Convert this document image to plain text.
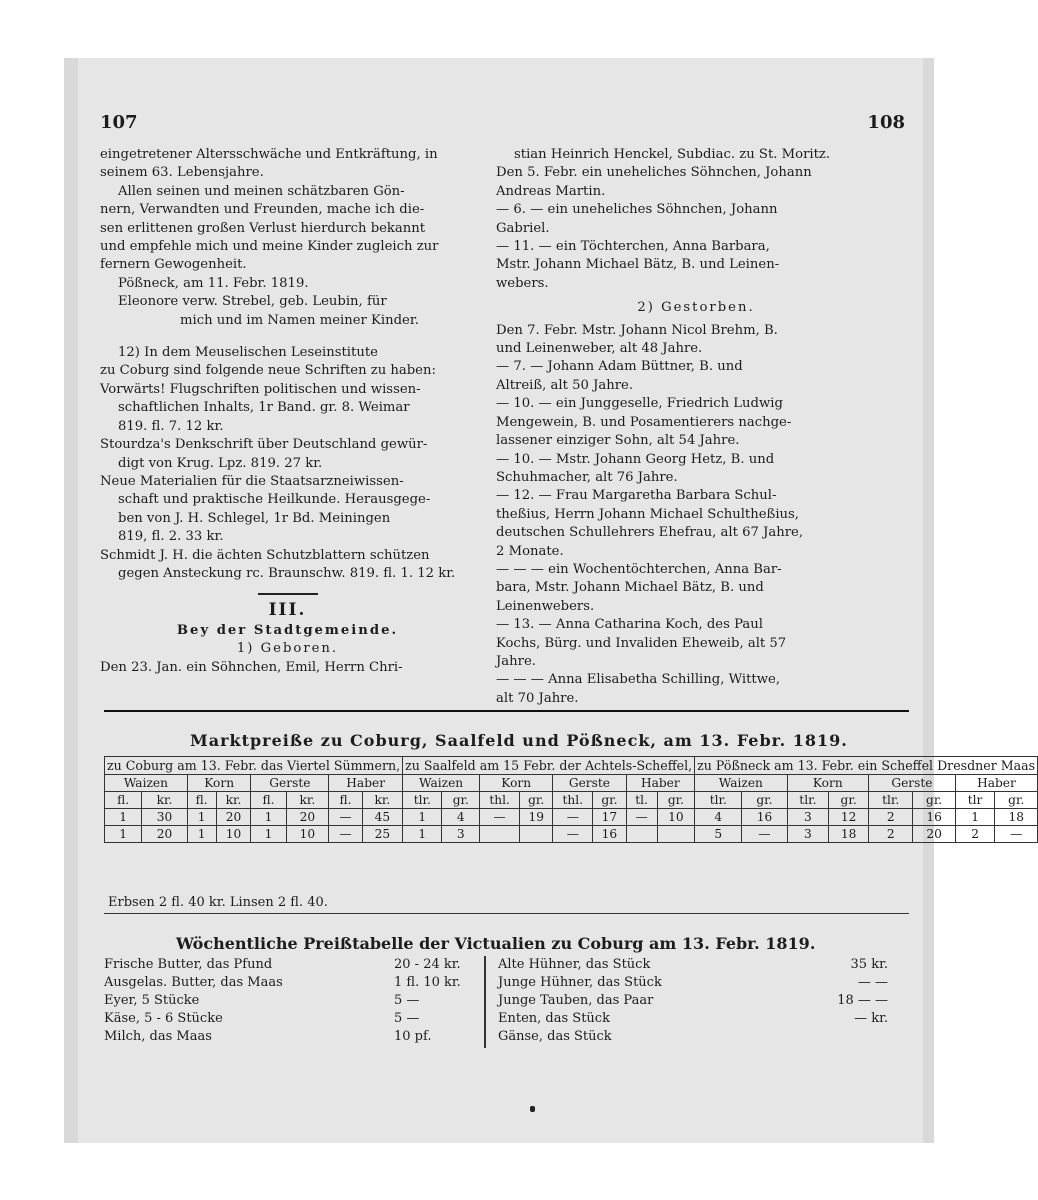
107	108

eingetretener Altersschwäche und Entkräftung, in

seinem 63. Lebensjahre.

Allen seinen und meinen schätzbaren Gön-

nern, Verwandten und Freunden, mache ich die-

sen erlittenen großen Verlust hierdurch bekannt

und empfehle mich und meine Kinder zugleich zur

fernern Gewogenheit.

Pößneck, am 11. Febr. 1819.

Eleonore verw. Strebel, geb. Leubin, für

mich und im Namen meiner Kinder.

12) In dem Meuselischen Leseinstitute

zu Coburg sind folgende neue Schriften zu haben:

Vorwärts! Flugschriften politischen und wissen-

schaftlichen Inhalts, 1r Band. gr. 8. Weimar

819. fl. 7. 12 kr.

Stourdza's Denkschrift über Deutschland gewür-

digt von Krug. Lpz. 819. 27 kr.

Neue Materialien für die Staatsarzneiwissen-

schaft und praktische Heilkunde. Herausgege-

ben von J. H. Schlegel, 1r Bd. Meiningen

819, fl. 2. 33 kr.

Schmidt J. H. die ächten Schutzblattern schützen

gegen Ansteckung rc. Braunschw. 819. fl. 1. 12 kr.

III.

Bey der Stadtgemeinde.

1) Geboren.

Den 23. Jan. ein Söhnchen, Emil, Herrn Chri-

stian Heinrich Henckel, Subdiac. zu St. Moritz.

Den 5. Febr. ein uneheliches Söhnchen, Johann

Andreas Martin.

— 6. — ein uneheliches Söhnchen, Johann

Gabriel.

— 11. — ein Töchterchen, Anna Barbara,

Mstr. Johann Michael Bätz, B. und Leinen-

webers.

2) Gestorben.

Den 7. Febr. Mstr. Johann Nicol Brehm, B.

und Leinenweber, alt 48 Jahre.

— 7. — Johann Adam Büttner, B. und

Altreiß, alt 50 Jahre.

— 10. — ein Junggeselle, Friedrich Ludwig

Mengewein, B. und Posamentierers nachge-

lassener einziger Sohn, alt 54 Jahre.

— 10. — Mstr. Johann Georg Hetz, B. und

Schuhmacher, alt 76 Jahre.

— 12. — Frau Margaretha Barbara Schul-

theßius, Herrn Johann Michael Schultheßius,

deutschen Schullehrers Ehefrau, alt 67 Jahre,

2 Monate.

— — — ein Wochentöchterchen, Anna Bar-

bara, Mstr. Johann Michael Bätz, B. und

Leinenwebers.

— 13. — Anna Catharina Koch, des Paul

Kochs, Bürg. und Invaliden Eheweib, alt 57

Jahre.

— — — Anna Elisabetha Schilling, Wittwe,

alt 70 Jahre.

Marktpreiße zu Coburg, Saalfeld und Pößneck, am 13. Febr. 1819.
zu Coburg am 13. Febr. das Viertel Sümmern,								zu Saalfeld am 15 Febr. der Achtels-Scheffel,								zu Pößneck am 13. Febr. ein Scheffel Dresdner Maas							
Waizen		Korn		Gerste		Haber		Waizen		Korn		Gerste		Haber		Waizen		Korn		Gerste		Haber	
fl.	kr.	fl.	kr.	fl.	kr.	fl.	kr.	tlr.	gr.	thl.	gr.	thl.	gr.	tl.	gr.	tlr.	gr.	tlr.	gr.	tlr.	gr.	tlr	gr.
1	30	1	20	1	20	—	45	1	4	—	19	—	17	—	10	4	16	3	12	2	16	1	18
1	20	1	10	1	10	—	25	1	3			—	16			5	—	3	18	2	20	2	—
Erbsen 2 fl. 40 kr. Linsen 2 fl. 40.
Wöchentliche Preißtabelle der Victualien zu Coburg am 13. Febr. 1819.
Frische Butter, das Pfund	20 - 24 kr.
Ausgelas. Butter, das Maas	1 fl. 10 kr.
Eyer, 5 Stücke	5 —
Käse, 5 - 6 Stücke	5 —
Milch, das Maas	10 pf.
Alte Hühner, das Stück	35 kr.
Junge Hühner, das Stück	— —
Junge Tauben, das Paar	18 — —
Enten, das Stück	— kr.
Gänse, das Stück
